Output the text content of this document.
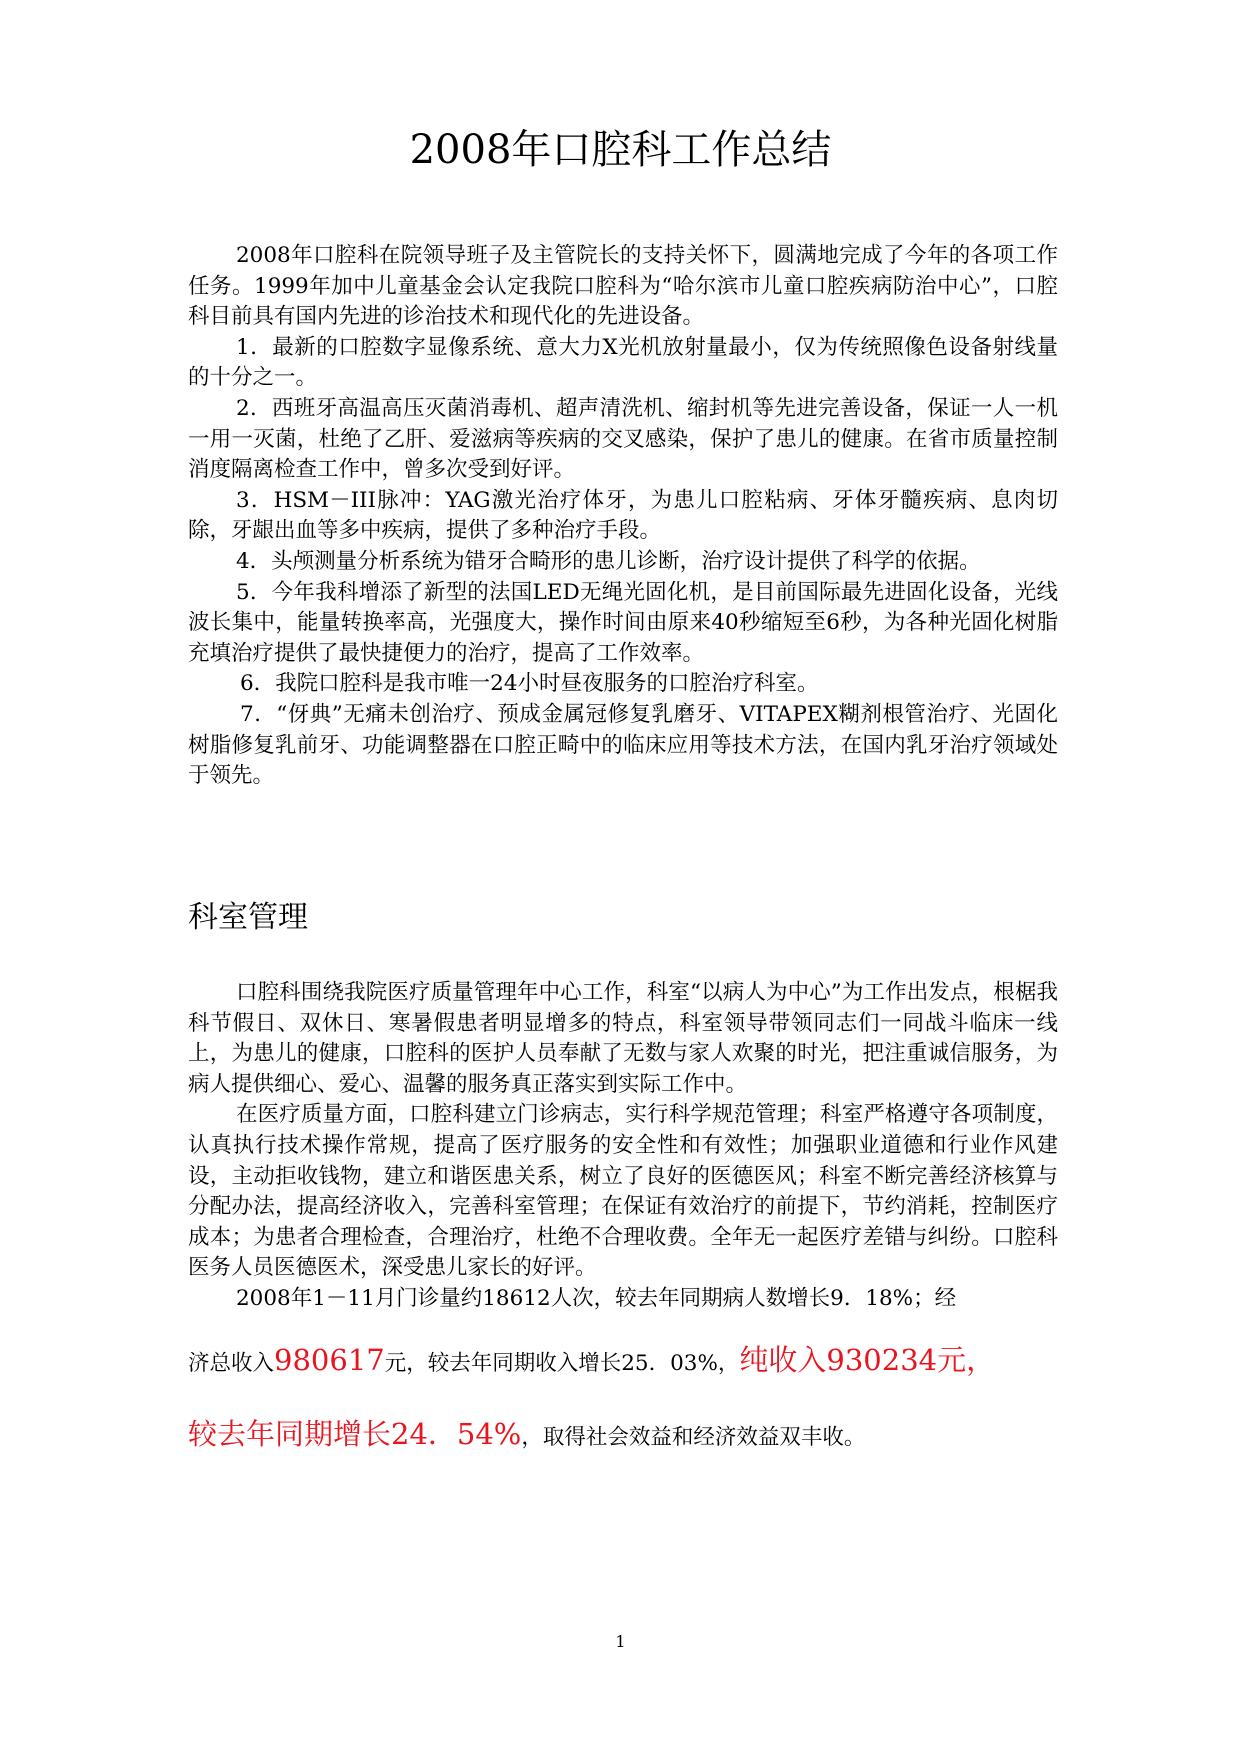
2008年口腔科工作总结

2008年口腔科在院领导班子及主管院长的支持关怀下，圆满地完成了今年的各项工作任务。1999年加中儿童基金会认定我院口腔科为“哈尔滨市儿童口腔疾病防治中心”，口腔科目前具有国内先进的诊治技术和现代化的先进设备。

1．最新的口腔数字显像系统、意大力X光机放射量最小，仅为传统照像色设备射线量的十分之一。

2．西班牙高温高压灭菌消毒机、超声清洗机、缩封机等先进完善设备，保证一人一机一用一灭菌，杜绝了乙肝、爱滋病等疾病的交叉感染，保护了患儿的健康。在省市质量控制消度隔离检查工作中，曾多次受到好评。

3．HSM－III脉冲：YAG激光治疗体牙，为患儿口腔粘病、牙体牙髓疾病、息肉切除，牙龈出血等多中疾病，提供了多种治疗手段。

4．头颅测量分析系统为错牙合畸形的患儿诊断，治疗设计提供了科学的依据。

5．今年我科增添了新型的法国LED无绳光固化机，是目前国际最先进固化设备，光线波长集中，能量转换率高，光强度大，操作时间由原来40秒缩短至6秒，为各种光固化树脂充填治疗提供了最快捷便力的治疗，提高了工作效率。

6．我院口腔科是我市唯一24小时昼夜服务的口腔治疗科室。

7．“伢典”无痛未创治疗、预成金属冠修复乳磨牙、VITAPEX糊剂根管治疗、光固化树脂修复乳前牙、功能调整器在口腔正畸中的临床应用等技术方法，在国内乳牙治疗领域处于领先。

科室管理

口腔科围绕我院医疗质量管理年中心工作，科室“以病人为中心”为工作出发点，根椐我科节假日、双休日、寒暑假患者明显增多的特点，科室领导带领同志们一同战斗临床一线上，为患儿的健康，口腔科的医护人员奉献了无数与家人欢聚的时光，把注重诚信服务，为病人提供细心、爱心、温馨的服务真正落实到实际工作中。

在医疗质量方面，口腔科建立门诊病志，实行科学规范管理；科室严格遵守各项制度，认真执行技术操作常规，提高了医疗服务的安全性和有效性；加强职业道德和行业作风建设，主动拒收钱物，建立和谐医患关系，树立了良好的医德医风；科室不断完善经济核算与分配办法，提高经济收入，完善科室管理；在保证有效治疗的前提下，节约消耗，控制医疗成本；为患者合理检查，合理治疗，杜绝不合理收费。全年无一起医疗差错与纠纷。口腔科医务人员医德医术，深受患儿家长的好评。

2008年1－11月门诊量约18612人次，较去年同期病人数增长9．18%；经

济总收入980617元，较去年同期收入增长25．03%，纯收入930234元，

较去年同期增长24．54%，取得社会效益和经济效益双丰收。

1
